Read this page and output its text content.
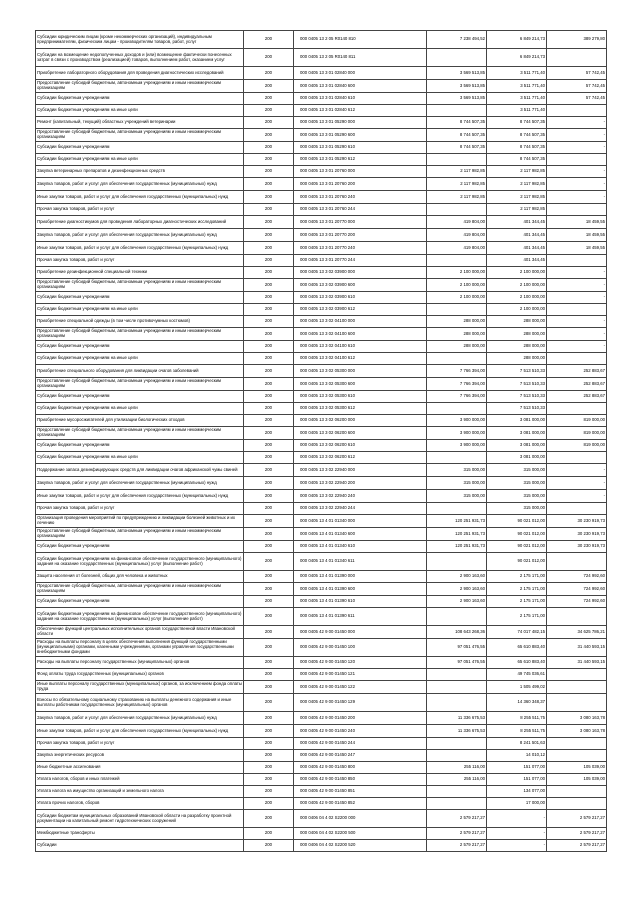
Субсидии юридическим лицам (кроме некоммерческих организаций), индивидуальным предпринимателям, физическим лицам - производителям товаров, работ, услуг	200	000 0405 13 2 05 R0140 810	7 238 494,52	6 849 214,73	389 279,80
Субсидии на возмещение недополученных доходов и (или) возмещение фактически понесенных затрат в связи с производством (реализацией) товаров, выполнением работ, оказанием услуг	200	000 0405 13 2 05 R0140 811		6 849 214,73	
Приобретение лабораторного оборудования для проведения диагностических исследований	200	000 0405 13 3 01 02840 000	3 569 513,85	3 511 771,40	57 742,45
Предоставление субсидий бюджетным, автономным учреждениям и иным некоммерческим организациям	200	000 0405 13 3 01 02840 600	3 569 513,85	3 511 771,40	57 742,45
Субсидии бюджетным учреждениям	200	000 0405 13 3 01 02840 610	3 569 513,85	3 511 771,40	57 742,45
Субсидии бюджетным учреждениям на иные цели	200	000 0405 13 3 01 02840 612		3 511 771,40	
Ремонт (капитальный, текущий) областных учреждений ветеринарии	200	000 0405 13 3 01 05290 000	8 744 507,35	8 744 507,35	-
Предоставление субсидий бюджетным, автономным учреждениям и иным некоммерческим организациям	200	000 0405 13 3 01 05290 600	8 744 507,35	8 744 507,35	-
Субсидии бюджетным учреждениям	200	000 0405 13 3 01 05290 610	8 744 507,35	8 744 507,35	-
Субсидии бюджетным учреждениям на иные цели	200	000 0405 13 3 01 05290 612		8 744 507,35	
Закупка ветеринарных препаратов и дезинфекционных средств	200	000 0405 13 3 01 20760 000	2 117 982,85	2 117 982,85	-
Закупка товаров, работ и услуг для обеспечения государственных (муниципальных) нужд	200	000 0405 13 3 01 20760 200	2 117 982,85	2 117 982,85	-
Иные закупки товаров, работ и услуг для обеспечения государственных (муниципальных) нужд	200	000 0405 13 3 01 20760 240	2 117 982,85	2 117 982,85	-
Прочая закупка товаров, работ и услуг	200	000 0405 13 3 01 20760 244		2 117 982,85	
Приобретение диагностикумов для проведения лабораторных диагностических исследований	200	000 0405 13 3 01 20770 000	419 804,00	401 344,45	18 459,55
Закупка товаров, работ и услуг для обеспечения государственных (муниципальных) нужд	200	000 0405 13 3 01 20770 200	419 804,00	401 344,45	18 459,55
Иные закупки товаров, работ и услуг для обеспечения государственных (муниципальных) нужд	200	000 0405 13 3 01 20770 240	419 804,00	401 344,45	18 459,55
Прочая закупка товаров, работ и услуг	200	000 0405 13 3 01 20770 244		401 344,45	
Приобретение дезинфекционной специальной техники	200	000 0405 13 3 02 03900 000	2 100 000,00	2 100 000,00	-
Предоставление субсидий бюджетным, автономным учреждениям и иным некоммерческим организациям	200	000 0405 13 3 02 03900 600	2 100 000,00	2 100 000,00	-
Субсидии бюджетным учреждениям	200	000 0405 13 3 02 03900 610	2 100 000,00	2 100 000,00	-
Субсидии бюджетным учреждениям на иные цели	200	000 0405 13 3 02 03900 612		2 100 000,00	
Приобретение специальной одежды (в том числе противочумных костюмов)	200	000 0405 13 3 02 04100 000	288 000,00	288 000,00	-
Предоставление субсидий бюджетным, автономным учреждениям и иным некоммерческим организациям	200	000 0405 13 3 02 04100 600	288 000,00	288 000,00	-
Субсидии бюджетным учреждениям	200	000 0405 13 3 02 04100 610	288 000,00	288 000,00	-
Субсидии бюджетным учреждениям на иные цели	200	000 0405 13 3 02 04100 612		288 000,00	
Приобретение специального оборудования для ликвидации очагов заболеваний	200	000 0405 13 3 02 05300 000	7 766 394,00	7 513 510,33	252 883,67
Предоставление субсидий бюджетным, автономным учреждениям и иным некоммерческим организациям	200	000 0405 13 3 02 05300 600	7 766 394,00	7 513 510,33	252 883,67
Субсидии бюджетным учреждениям	200	000 0405 13 3 02 05300 610	7 766 394,00	7 513 510,33	252 883,67
Субсидии бюджетным учреждениям на иные цели	200	000 0405 13 3 02 05300 612		7 513 510,33	
Приобретение мусоросжигателей для утилизации биологических отходов	200	000 0405 13 3 02 06200 000	3 900 000,00	3 081 000,00	819 000,00
Предоставление субсидий бюджетным, автономным учреждениям и иным некоммерческим организациям	200	000 0405 13 3 02 06200 600	3 900 000,00	3 081 000,00	819 000,00
Субсидии бюджетным учреждениям	200	000 0405 13 3 02 06200 610	3 900 000,00	3 081 000,00	819 000,00
Субсидии бюджетным учреждениям на иные цели	200	000 0405 13 3 02 06200 612		3 081 000,00	
Поддержание запаса дезинфицирующих средств для ликвидации очагов африканской чумы свиней	200	000 0405 13 3 02 22940 000	315 000,00	315 000,00	-
Закупка товаров, работ и услуг для обеспечения государственных (муниципальных) нужд	200	000 0405 13 3 02 22940 200	315 000,00	315 000,00	-
Иные закупки товаров, работ и услуг для обеспечения государственных (муниципальных) нужд	200	000 0405 13 3 02 22940 240	315 000,00	315 000,00	-
Прочая закупка товаров, работ и услуг	200	000 0405 13 3 02 22940 244		315 000,00	
Организация проведения мероприятий по предупреждению и ликвидации болезней животных и их лечению	200	000 0405 13 4 01 01340 000	120 251 931,73	90 021 012,00	30 230 919,73
Предоставление субсидий бюджетным, автономным учреждениям и иным некоммерческим организациям	200	000 0405 13 4 01 01340 600	120 251 931,73	90 021 012,00	30 230 919,73
Субсидии бюджетным учреждениям	200	000 0405 13 4 01 01340 610	120 251 931,73	90 021 012,00	30 230 919,73
Субсидии бюджетным учреждениям на финансовое обеспечение государственного (муниципального) задания на оказание государственных (муниципальных) услуг (выполнение работ)	200	000 0405 13 4 01 01340 611		90 021 012,00	
Защита населения от болезней, общих для человека и животных	200	000 0405 13 4 01 01390 000	2 900 163,60	2 175 171,00	724 992,60
Предоставление субсидий бюджетным, автономным учреждениям и иным некоммерческим организациям	200	000 0405 13 4 01 01390 600	2 900 163,60	2 175 171,00	724 992,60
Субсидии бюджетным учреждениям	200	000 0405 13 4 01 01390 610	2 900 163,60	2 175 171,00	724 992,60
Субсидии бюджетным учреждениям на финансовое обеспечение государственного (муниципального) задания на оказание государственных (муниципальных) услуг (выполнение работ)	200	000 0405 13 4 01 01390 611		2 175 171,00	
Обеспечение функций центральных исполнительных органов государственной власти Ивановской области	200	000 0405 42 9 00 01450 000	108 643 268,36	74 017 482,15	34 625 786,21
Расходы на выплаты персоналу в целях обеспечения выполнения функций государственными (муниципальными) органами, казенными учреждениями, органами управления государственными внебюджетными фондами	200	000 0405 42 9 00 01450 100	97 051 476,55	65 610 883,40	31 440 593,15
Расходы на выплаты персоналу государственных (муниципальных) органов	200	000 0405 42 9 00 01450 120	97 051 476,55	65 610 883,40	31 440 593,15
Фонд оплаты труда государственных (муниципальных) органов	200	000 0405 42 9 00 01450 121		49 745 036,61	
Иные выплаты персоналу государственных (муниципальных) органов, за исключением фонда оплаты труда	200	000 0405 42 9 00 01450 122		1 505 499,02	
Взносы по обязательному социальному страхованию на выплаты денежного содержания и иные выплаты работникам государственных (муниципальных) органов	200	000 0405 42 9 00 01450 129		14 360 348,37	
Закупка товаров, работ и услуг для обеспечения государственных (муниципальных) нужд	200	000 0405 42 9 00 01450 200	11 336 675,53	8 255 511,75	3 080 163,78
Иные закупки товаров, работ и услуг для обеспечения государственных (муниципальных) нужд	200	000 0405 42 9 00 01450 240	11 336 675,53	8 255 511,75	3 080 163,78
Прочая закупка товаров, работ и услуг	200	000 0405 42 9 00 01450 244		8 241 501,63	
Закупка энергетических ресурсов	200	000 0405 42 9 00 01450 247		14 010,12	
Иные бюджетные ассигнования	200	000 0405 42 9 00 01450 800	255 116,00	151 077,00	105 039,00
Уплата налогов, сборов и иных платежей	200	000 0405 42 9 00 01450 850	255 116,00	151 077,00	105 039,00
Уплата налога на имущество организаций и земельного налога	200	000 0405 42 9 00 01450 851		134 077,00	
Уплата прочих налогов, сборов	200	000 0405 42 9 00 01450 852		17 000,00	
Субсидии бюджетам муниципальных образований Ивановской области на разработку проектной документации на капитальный ремонт гидротехнических сооружений	200	000 0406 04 4 02 S2200 000	2 579 217,27	-	2 579 217,27
Межбюджетные трансферты	200	000 0406 04 4 02 S2200 500	2 579 217,27	-	2 579 217,27
Субсидии	200	000 0406 04 4 02 S2200 520	2 579 217,27	-	2 579 217,27
